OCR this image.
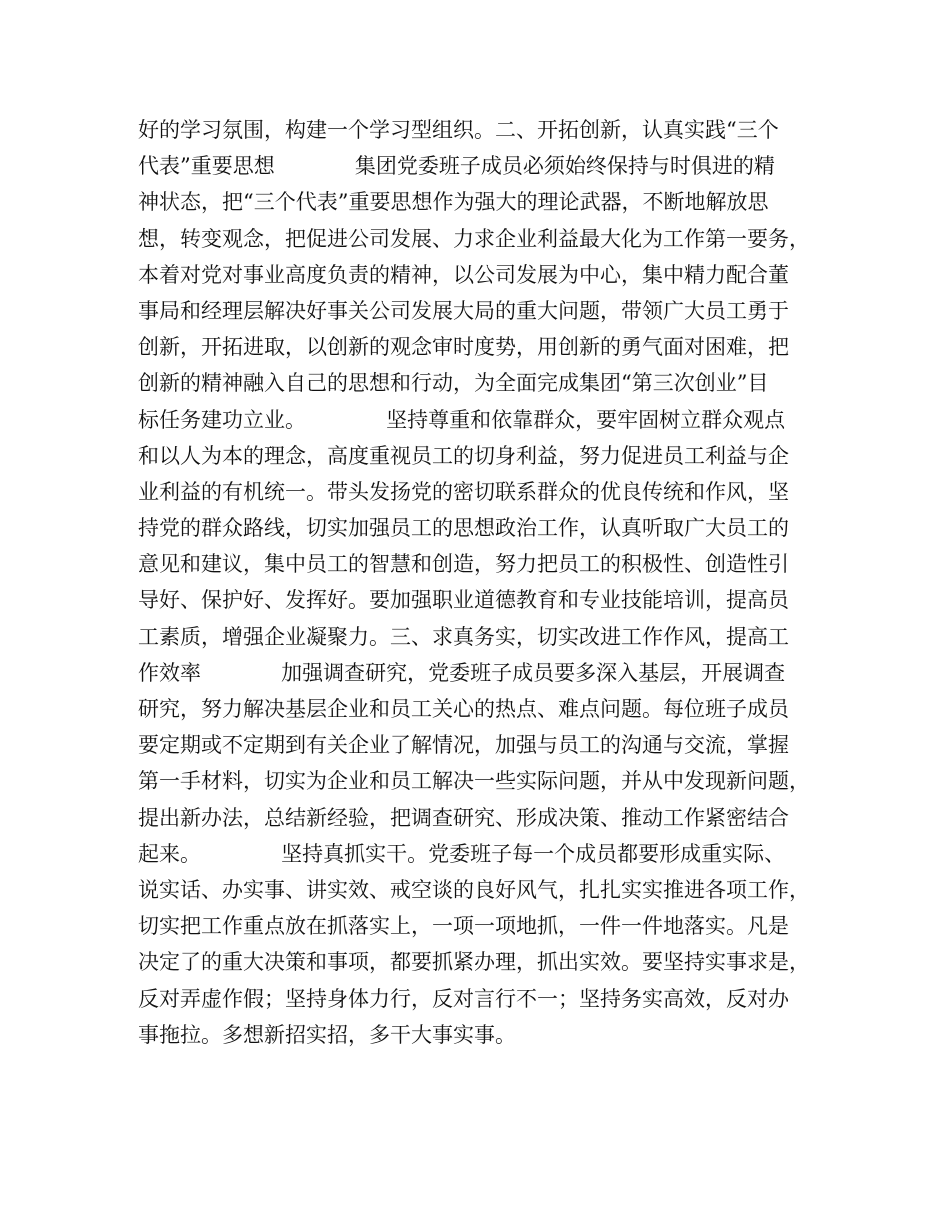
好的学习氛围，构建一个学习型组织。二、开拓创新，认真实践“三个
代表”重要思想            集团党委班子成员必须始终保持与时俱进的精
神状态，把“三个代表”重要思想作为强大的理论武器，不断地解放思
想，转变观念，把促进公司发展、力求企业利益最大化为工作第一要务，
本着对党对事业高度负责的精神，以公司发展为中心，集中精力配合董
事局和经理层解决好事关公司发展大局的重大问题，带领广大员工勇于
创新，开拓进取，以创新的观念审时度势，用创新的勇气面对困难，把
创新的精神融入自己的思想和行动，为全面完成集团“第三次创业”目
标任务建功立业。            坚持尊重和依靠群众，要牢固树立群众观点
和以人为本的理念，高度重视员工的切身利益，努力促进员工利益与企
业利益的有机统一。带头发扬党的密切联系群众的优良传统和作风，坚
持党的群众路线，切实加强员工的思想政治工作，认真听取广大员工的
意见和建议，集中员工的智慧和创造，努力把员工的积极性、创造性引
导好、保护好、发挥好。要加强职业道德教育和专业技能培训，提高员
工素质，增强企业凝聚力。三、求真务实，切实改进工作作风，提高工
作效率            加强调查研究，党委班子成员要多深入基层，开展调查
研究，努力解决基层企业和员工关心的热点、难点问题。每位班子成员
要定期或不定期到有关企业了解情况，加强与员工的沟通与交流，掌握
第一手材料，切实为企业和员工解决一些实际问题，并从中发现新问题，
提出新办法，总结新经验，把调查研究、形成决策、推动工作紧密结合
起来。            坚持真抓实干。党委班子每一个成员都要形成重实际、
说实话、办实事、讲实效、戒空谈的良好风气，扎扎实实推进各项工作，
切实把工作重点放在抓落实上，一项一项地抓，一件一件地落实。凡是
决定了的重大决策和事项，都要抓紧办理，抓出实效。要坚持实事求是，
反对弄虚作假；坚持身体力行，反对言行不一；坚持务实高效，反对办
事拖拉。多想新招实招，多干大事实事。
